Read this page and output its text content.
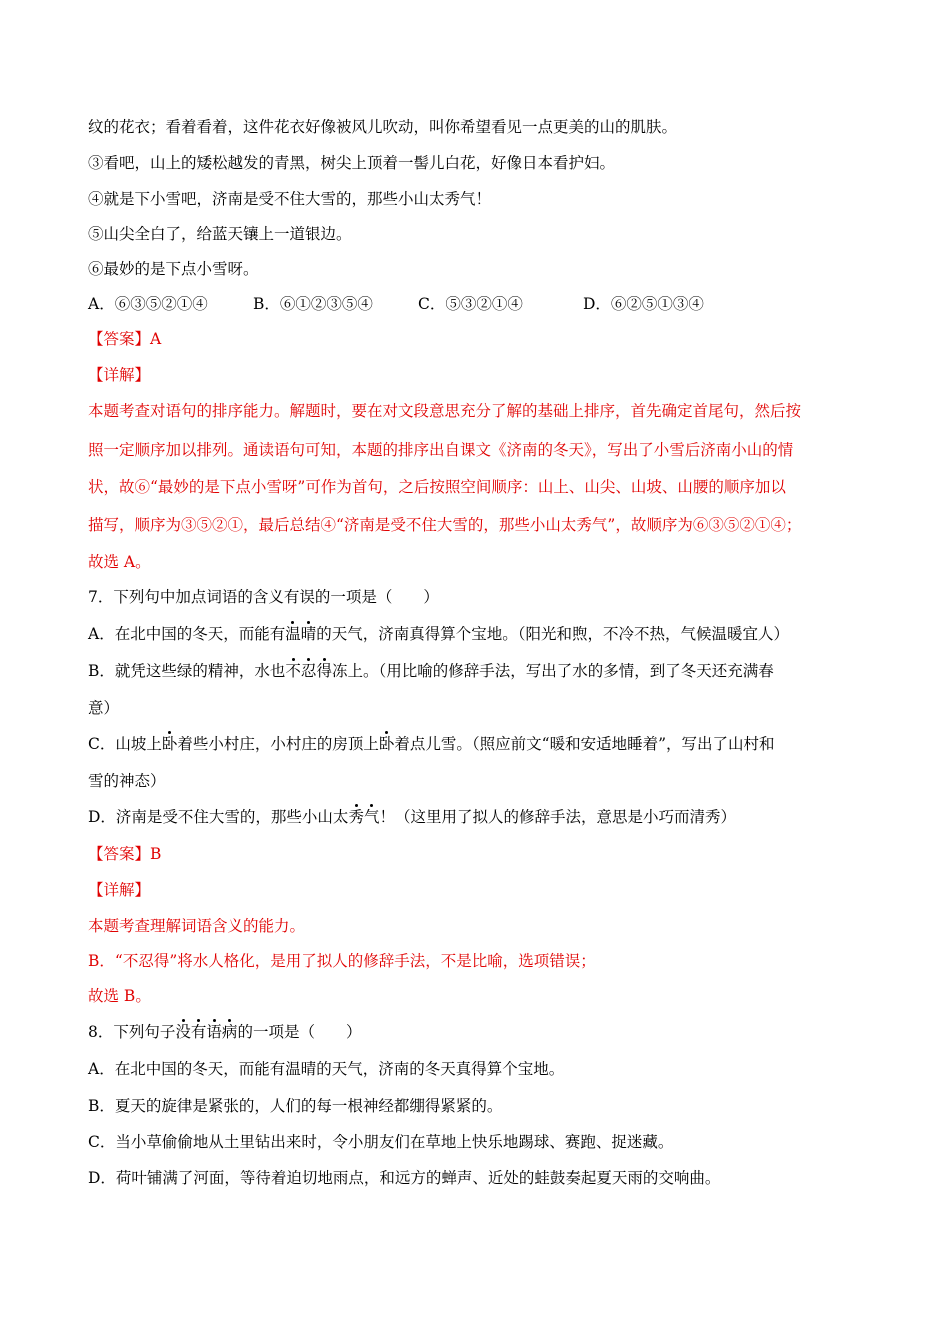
纹的花衣；看着看着，这件花衣好像被风儿吹动，叫你希望看见一点更美的山的肌肤。
③看吧，山上的矮松越发的青黑，树尖上顶着一髻儿白花，好像日本看护妇。
④就是下小雪吧，济南是受不住大雪的，那些小山太秀气！
⑤山尖全白了，给蓝天镶上一道银边。
⑥最妙的是下点小雪呀。
A．⑥③⑤②①④	B．⑥①②③⑤④	C．⑤③②①④	D．⑥②⑤①③④
【答案】A
【详解】
本题考查对语句的排序能力。解题时，要在对文段意思充分了解的基础上排序，首先确定首尾句，然后按
照一定顺序加以排列。通读语句可知，本题的排序出自课文《济南的冬天》，写出了小雪后济南小山的情
状，故⑥“最妙的是下点小雪呀”可作为首句，之后按照空间顺序：山上、山尖、山坡、山腰的顺序加以
描写，顺序为③⑤②①，最后总结④“济南是受不住大雪的，那些小山太秀气”，故顺序为⑥③⑤②①④；
故选 A。
7．下列句中加点词语的含义有误的一项是（　　）
A．在北中国的冬天，而能有温晴的天气，济南真得算个宝地。（阳光和煦，不冷不热，气候温暖宜人）
B．就凭这些绿的精神，水也不忍得冻上。（用比喻的修辞手法，写出了水的多情，到了冬天还充满春
意）
C．山坡上卧着些小村庄，小村庄的房顶上卧着点儿雪。（照应前文“暖和安适地睡着”，写出了山村和
雪的神态）
D．济南是受不住大雪的，那些小山太秀气！（这里用了拟人的修辞手法，意思是小巧而清秀）
【答案】B
【详解】
本题考查理解词语含义的能力。
B．“不忍得”将水人格化，是用了拟人的修辞手法，不是比喻，选项错误；
故选 B。
8．下列句子没有语病的一项是（　　）
A．在北中国的冬天，而能有温晴的天气，济南的冬天真得算个宝地。
B．夏天的旋律是紧张的，人们的每一根神经都绷得紧紧的。
C．当小草偷偷地从土里钻出来时，令小朋友们在草地上快乐地踢球、赛跑、捉迷藏。
D．荷叶铺满了河面，等待着迫切地雨点，和远方的蝉声、近处的蛙鼓奏起夏天雨的交响曲。
